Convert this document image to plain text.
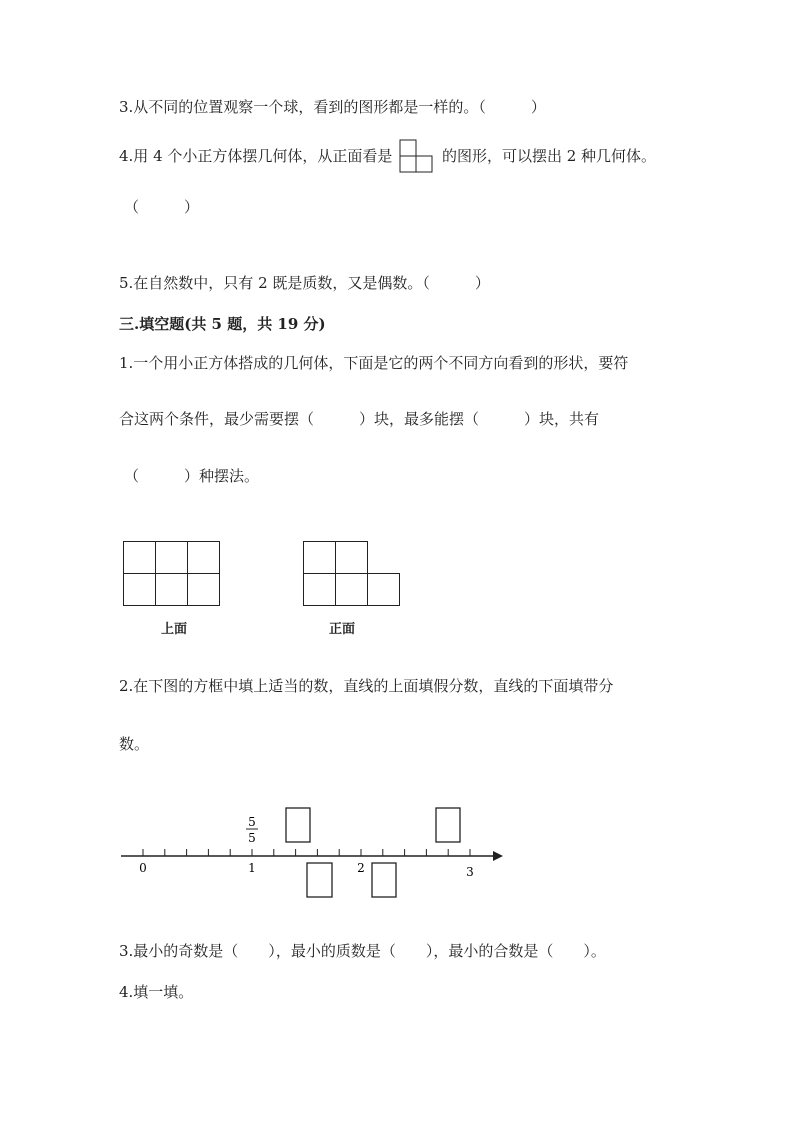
3.从不同的位置观察一个球，看到的图形都是一样的。（　　　）
4.用 4 个小正方体摆几何体，从正面看是	的图形，可以摆出 2 种几何体。
（　　　）
5.在自然数中，只有 2 既是质数，又是偶数。（　　　）
三.填空题(共 5 题，共 19 分)
1.一个用小正方体搭成的几何体，下面是它的两个不同方向看到的形状，要符
合这两个条件，最少需要摆（　　　）块，最多能摆（　　　）块，共有
（　　　）种摆法。
上面	正面
2.在下图的方框中填上适当的数，直线的上面填假分数，直线的下面填带分
数。
0	1	2	3
5
5
3.最小的奇数是（　　），最小的质数是（　　），最小的合数是（　　）。
4.填一填。
